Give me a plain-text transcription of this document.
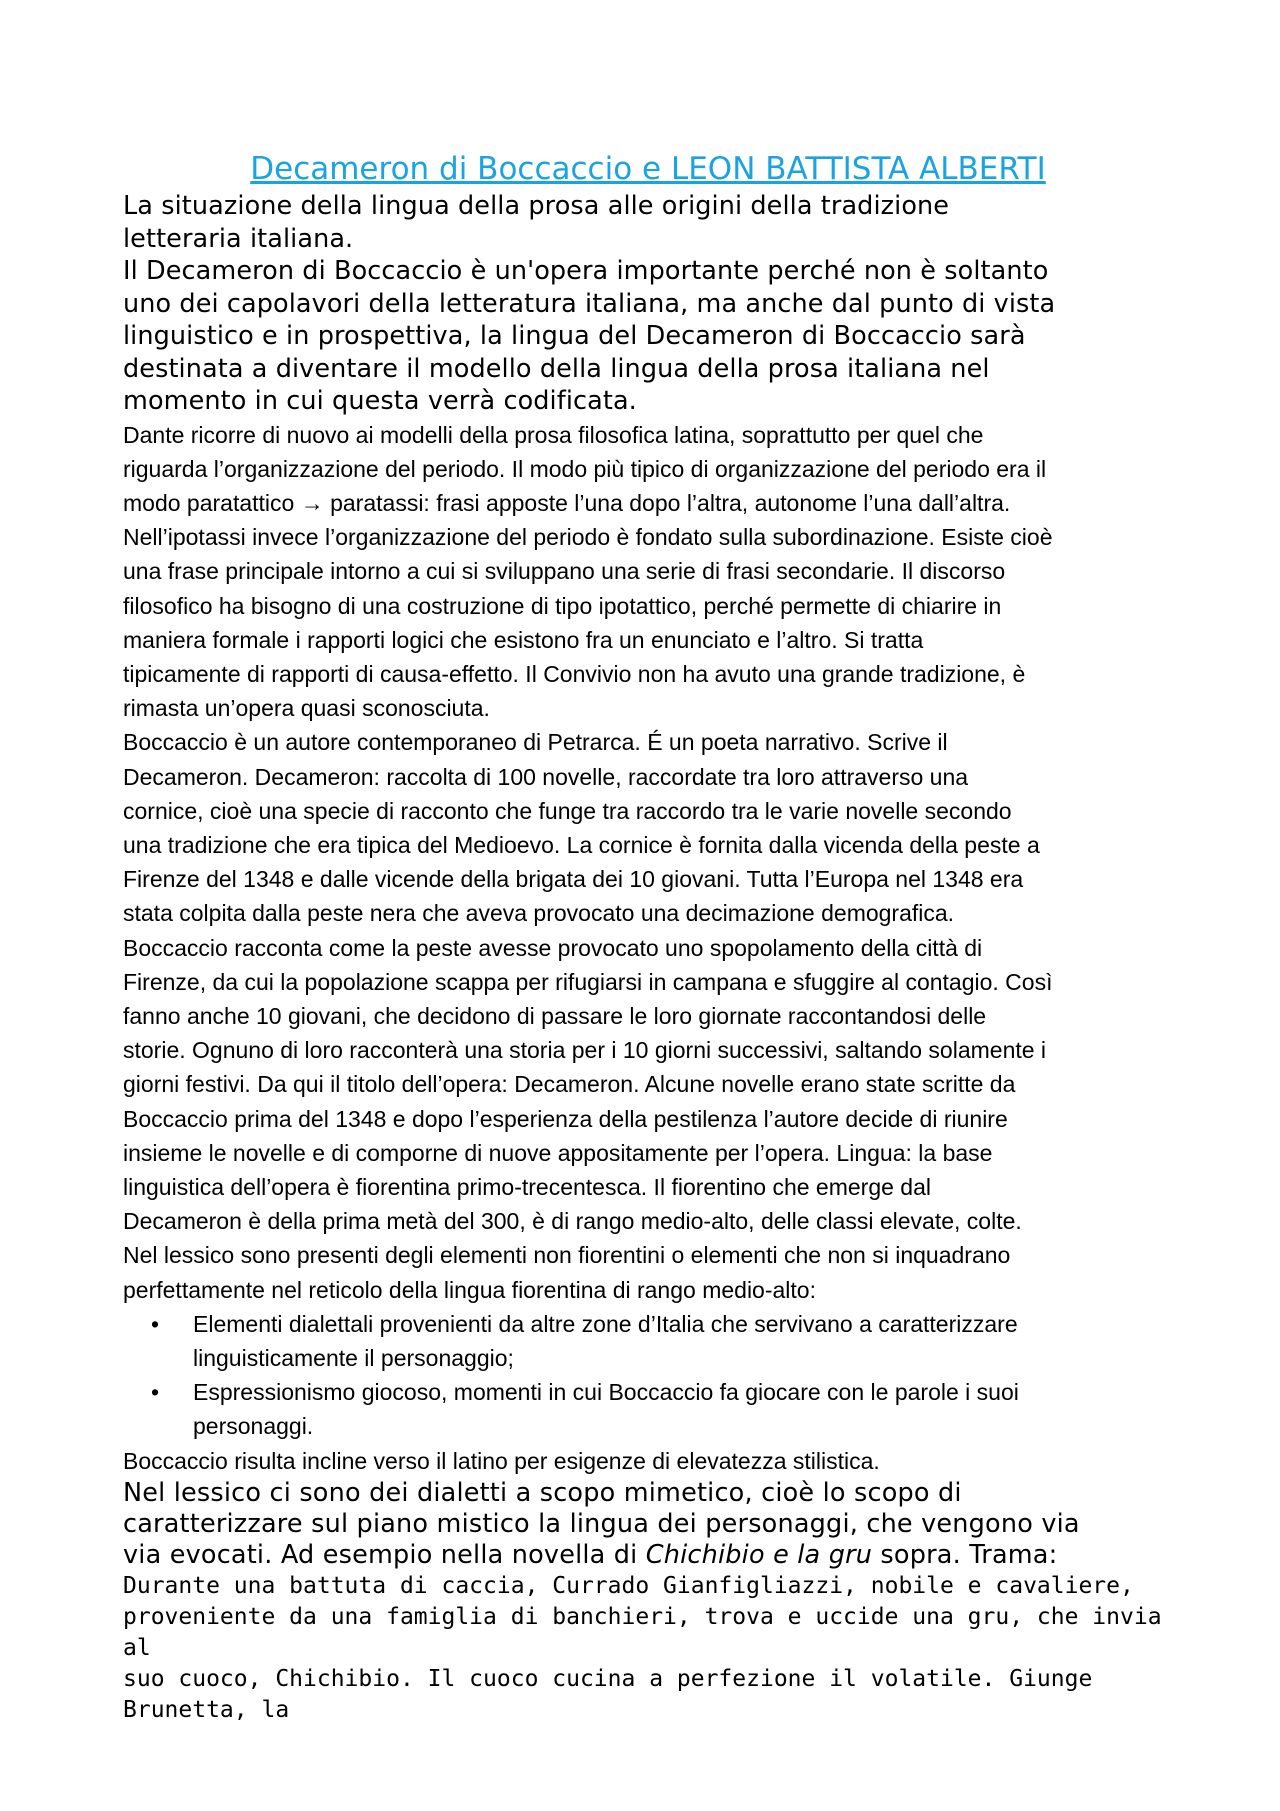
Decameron di Boccaccio e LEON BATTISTA ALBERTI

La situazione della lingua della prosa alle origini della tradizione

letteraria italiana.

Il Decameron di Boccaccio è un'opera importante perché non è soltanto

uno dei capolavori della letteratura italiana, ma anche dal punto di vista

linguistico e in prospettiva, la lingua del Decameron di Boccaccio sarà

destinata a diventare il modello della lingua della prosa italiana nel

momento in cui questa verrà codificata.

Dante ricorre di nuovo ai modelli della prosa filosofica latina, soprattutto per quel che

riguarda l’organizzazione del periodo. Il modo più tipico di organizzazione del periodo era il

modo paratattico → paratassi: frasi apposte l’una dopo l’altra, autonome l’una dall’altra.

Nell’ipotassi invece l’organizzazione del periodo è fondato sulla subordinazione. Esiste cioè

una frase principale intorno a cui si sviluppano una serie di frasi secondarie. Il discorso

filosofico ha bisogno di una costruzione di tipo ipotattico, perché permette di chiarire in

maniera formale i rapporti logici che esistono fra un enunciato e l’altro. Si tratta

tipicamente di rapporti di causa-effetto. Il Convivio non ha avuto una grande tradizione, è

rimasta un’opera quasi sconosciuta.

Boccaccio è un autore contemporaneo di Petrarca. É un poeta narrativo. Scrive il

Decameron. Decameron: raccolta di 100 novelle, raccordate tra loro attraverso una

cornice, cioè una specie di racconto che funge tra raccordo tra le varie novelle secondo

una tradizione che era tipica del Medioevo. La cornice è fornita dalla vicenda della peste a

Firenze del 1348 e dalle vicende della brigata dei 10 giovani. Tutta l’Europa nel 1348 era

stata colpita dalla peste nera che aveva provocato una decimazione demografica.

Boccaccio racconta come la peste avesse provocato uno spopolamento della città di

Firenze, da cui la popolazione scappa per rifugiarsi in campana e sfuggire al contagio. Così

fanno anche 10 giovani, che decidono di passare le loro giornate raccontandosi delle

storie. Ognuno di loro racconterà una storia per i 10 giorni successivi, saltando solamente i

giorni festivi. Da qui il titolo dell’opera: Decameron. Alcune novelle erano state scritte da

Boccaccio prima del 1348 e dopo l’esperienza della pestilenza l’autore decide di riunire

insieme le novelle e di comporne di nuove appositamente per l’opera. Lingua: la base

linguistica dell’opera è fiorentina primo-trecentesca. Il fiorentino che emerge dal

Decameron è della prima metà del 300, è di rango medio-alto, delle classi elevate, colte.

Nel lessico sono presenti degli elementi non fiorentini o elementi che non si inquadrano

perfettamente nel reticolo della lingua fiorentina di rango medio-alto:

• Elementi dialettali provenienti da altre zone d’Italia che servivano a caratterizzare
linguisticamente il personaggio;
• Espressionismo giocoso, momenti in cui Boccaccio fa giocare con le parole i suoi
personaggi.

Boccaccio risulta incline verso il latino per esigenze di elevatezza stilistica.

Nel lessico ci sono dei dialetti a scopo mimetico, cioè lo scopo di

caratterizzare sul piano mistico la lingua dei personaggi, che vengono via

via evocati. Ad esempio nella novella di Chichibio e la gru sopra. Trama:

Durante una battuta di caccia, Currado Gianfigliazzi, nobile e cavaliere,

proveniente da una famiglia di banchieri, trova e uccide una gru, che invia al

suo cuoco, Chichibio. Il cuoco cucina a perfezione il volatile. Giunge Brunetta, la
